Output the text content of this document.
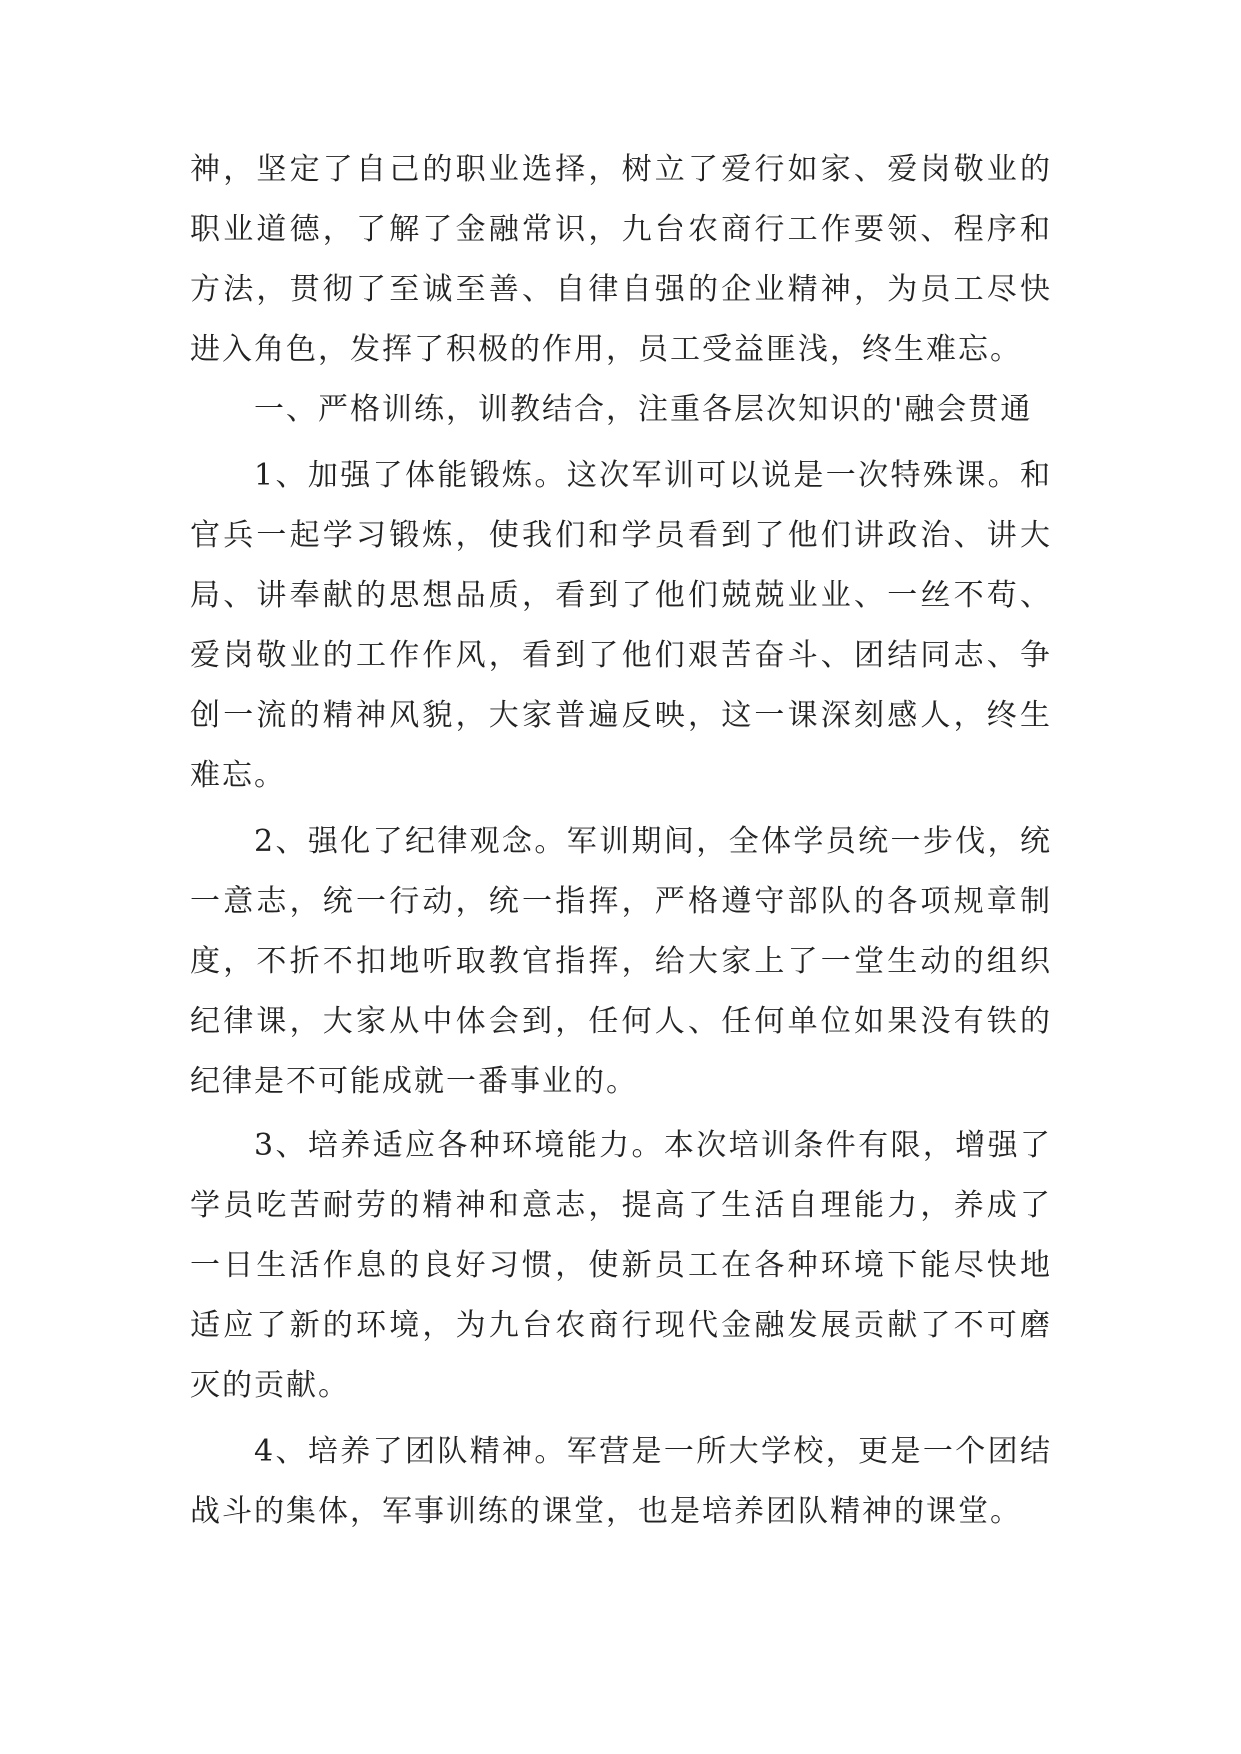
神，坚定了自己的职业选择，树立了爱行如家、爱岗敬业的职业道德，了解了金融常识，九台农商行工作要领、程序和方法，贯彻了至诚至善、自律自强的企业精神，为员工尽快进入角色，发挥了积极的作用，员工受益匪浅，终生难忘。

一、严格训练，训教结合，注重各层次知识的'融会贯通

1、加强了体能锻炼。这次军训可以说是一次特殊课。和官兵一起学习锻炼，使我们和学员看到了他们讲政治、讲大局、讲奉献的思想品质，看到了他们兢兢业业、一丝不苟、爱岗敬业的工作作风，看到了他们艰苦奋斗、团结同志、争创一流的精神风貌，大家普遍反映，这一课深刻感人，终生难忘。

2、强化了纪律观念。军训期间，全体学员统一步伐，统一意志，统一行动，统一指挥，严格遵守部队的各项规章制度，不折不扣地听取教官指挥，给大家上了一堂生动的组织纪律课，大家从中体会到，任何人、任何单位如果没有铁的纪律是不可能成就一番事业的。

3、培养适应各种环境能力。本次培训条件有限，增强了学员吃苦耐劳的精神和意志，提高了生活自理能力，养成了一日生活作息的良好习惯，使新员工在各种环境下能尽快地适应了新的环境，为九台农商行现代金融发展贡献了不可磨灭的贡献。

4、培养了团队精神。军营是一所大学校，更是一个团结战斗的集体，军事训练的课堂，也是培养团队精神的课堂。
